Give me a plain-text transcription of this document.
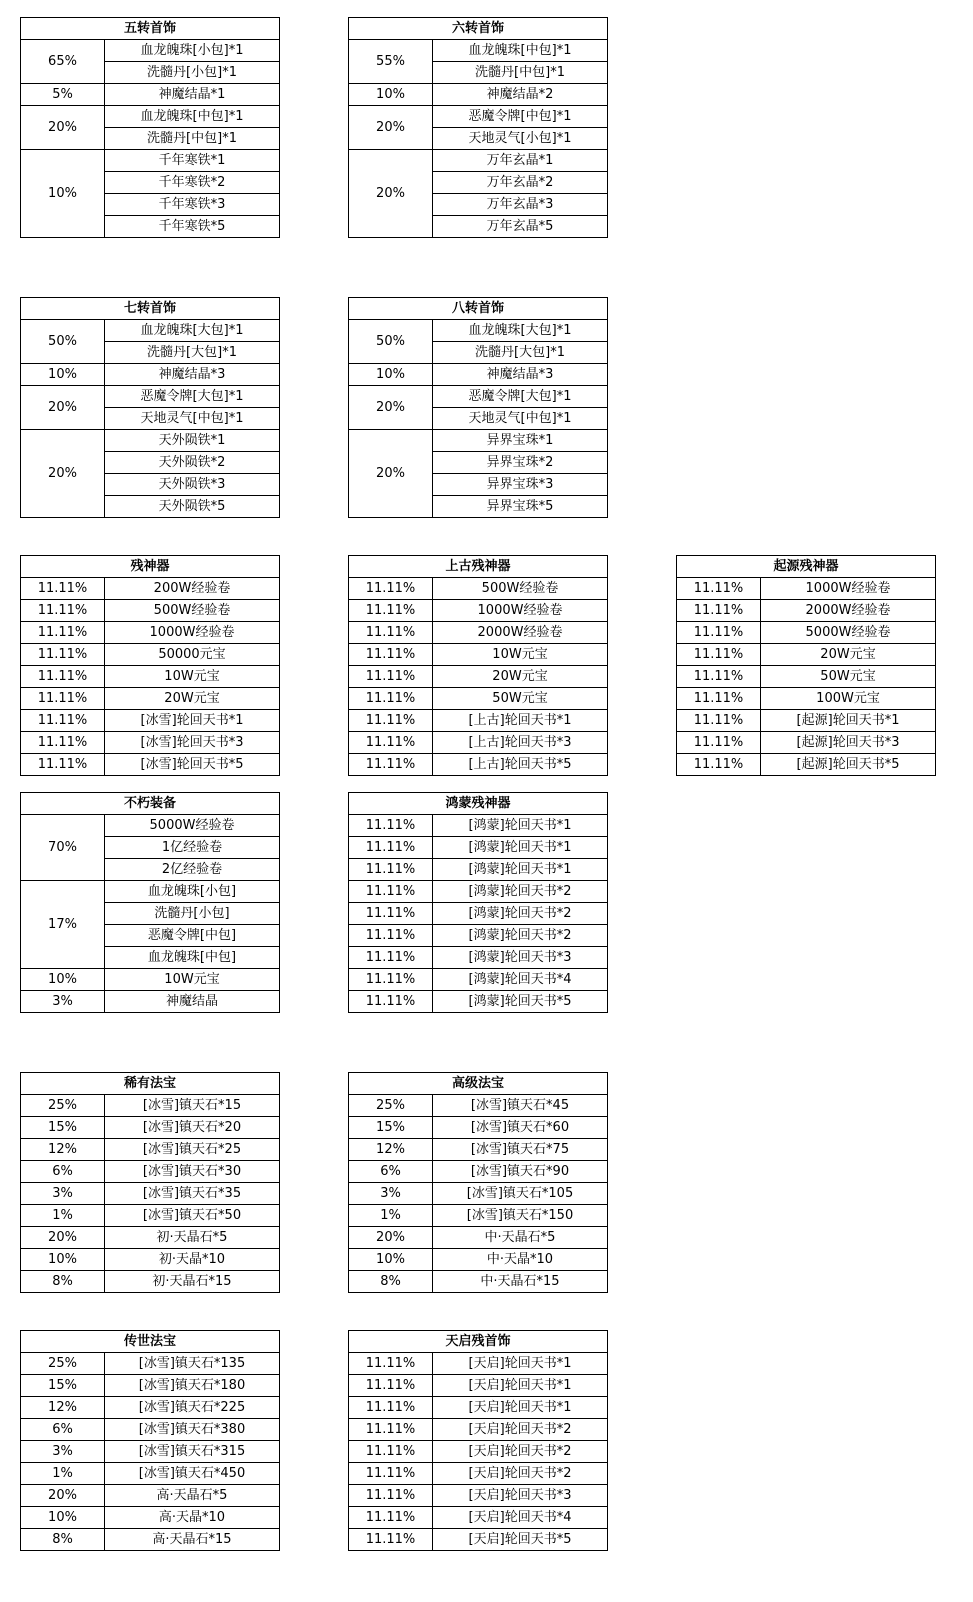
五转首饰	
65%	血龙魄珠[小包]*1
	洗髓丹[小包]*1
5%	神魔结晶*1
20%	血龙魄珠[中包]*1
	洗髓丹[中包]*1
10%	千年寒铁*1
	千年寒铁*2
	千年寒铁*3
	千年寒铁*5
六转首饰	
55%	血龙魄珠[中包]*1
	洗髓丹[中包]*1
10%	神魔结晶*2
20%	恶魔令牌[中包]*1
	天地灵气[小包]*1
20%	万年玄晶*1
	万年玄晶*2
	万年玄晶*3
	万年玄晶*5
七转首饰	
50%	血龙魄珠[大包]*1
	洗髓丹[大包]*1
10%	神魔结晶*3
20%	恶魔令牌[大包]*1
	天地灵气[中包]*1
20%	天外陨铁*1
	天外陨铁*2
	天外陨铁*3
	天外陨铁*5
八转首饰	
50%	血龙魄珠[大包]*1
	洗髓丹[大包]*1
10%	神魔结晶*3
20%	恶魔令牌[大包]*1
	天地灵气[中包]*1
20%	异界宝珠*1
	异界宝珠*2
	异界宝珠*3
	异界宝珠*5
残神器	
11.11%	200W经验卷
11.11%	500W经验卷
11.11%	1000W经验卷
11.11%	50000元宝
11.11%	10W元宝
11.11%	20W元宝
11.11%	[冰雪]轮回天书*1
11.11%	[冰雪]轮回天书*3
11.11%	[冰雪]轮回天书*5
上古残神器	
11.11%	500W经验卷
11.11%	1000W经验卷
11.11%	2000W经验卷
11.11%	10W元宝
11.11%	20W元宝
11.11%	50W元宝
11.11%	[上古]轮回天书*1
11.11%	[上古]轮回天书*3
11.11%	[上古]轮回天书*5
起源残神器	
11.11%	1000W经验卷
11.11%	2000W经验卷
11.11%	5000W经验卷
11.11%	20W元宝
11.11%	50W元宝
11.11%	100W元宝
11.11%	[起源]轮回天书*1
11.11%	[起源]轮回天书*3
11.11%	[起源]轮回天书*5
不朽装备	
70%	5000W经验卷
	1亿经验卷
	2亿经验卷
17%	血龙魄珠[小包]
	洗髓丹[小包]
	恶魔令牌[中包]
	血龙魄珠[中包]
10%	10W元宝
3%	神魔结晶
鸿蒙残神器	
11.11%	[鸿蒙]轮回天书*1
11.11%	[鸿蒙]轮回天书*1
11.11%	[鸿蒙]轮回天书*1
11.11%	[鸿蒙]轮回天书*2
11.11%	[鸿蒙]轮回天书*2
11.11%	[鸿蒙]轮回天书*2
11.11%	[鸿蒙]轮回天书*3
11.11%	[鸿蒙]轮回天书*4
11.11%	[鸿蒙]轮回天书*5
稀有法宝	
25%	[冰雪]镇天石*15
15%	[冰雪]镇天石*20
12%	[冰雪]镇天石*25
6%	[冰雪]镇天石*30
3%	[冰雪]镇天石*35
1%	[冰雪]镇天石*50
20%	初·天晶石*5
10%	初·天晶*10
8%	初·天晶石*15
高级法宝	
25%	[冰雪]镇天石*45
15%	[冰雪]镇天石*60
12%	[冰雪]镇天石*75
6%	[冰雪]镇天石*90
3%	[冰雪]镇天石*105
1%	[冰雪]镇天石*150
20%	中·天晶石*5
10%	中·天晶*10
8%	中·天晶石*15
传世法宝	
25%	[冰雪]镇天石*135
15%	[冰雪]镇天石*180
12%	[冰雪]镇天石*225
6%	[冰雪]镇天石*380
3%	[冰雪]镇天石*315
1%	[冰雪]镇天石*450
20%	高·天晶石*5
10%	高·天晶*10
8%	高·天晶石*15
天启残首饰	
11.11%	[天启]轮回天书*1
11.11%	[天启]轮回天书*1
11.11%	[天启]轮回天书*1
11.11%	[天启]轮回天书*2
11.11%	[天启]轮回天书*2
11.11%	[天启]轮回天书*2
11.11%	[天启]轮回天书*3
11.11%	[天启]轮回天书*4
11.11%	[天启]轮回天书*5
